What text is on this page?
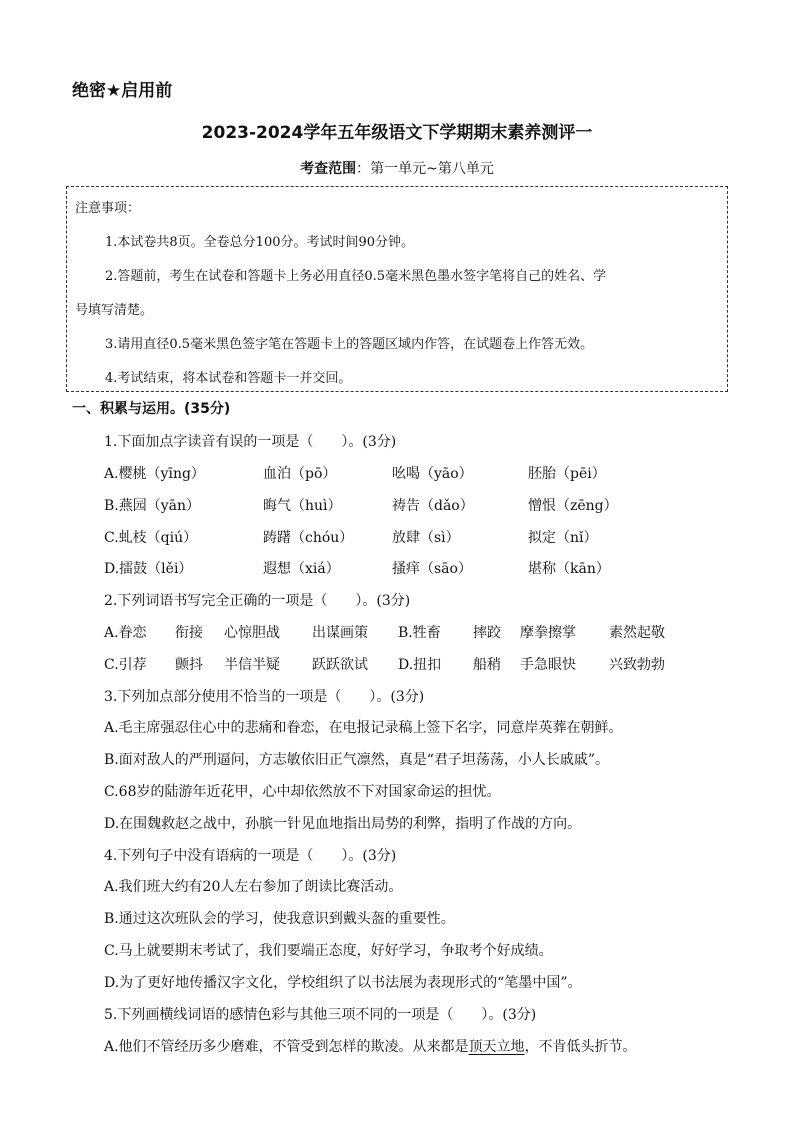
绝密★启用前
2023-2024学年五年级语文下学期期末素养测评一
考查范围：第一单元~第八单元
注意事项：
1.本试卷共8页。全卷总分100分。考试时间90分钟。
2.答题前，考生在试卷和答题卡上务必用直径0.5毫米黑色墨水签字笔将自己的姓名、学
号填写清楚。
3.请用直径0.5毫米黑色签字笔在答题卡上的答题区域内作答，在试题卷上作答无效。
4.考试结束，将本试卷和答题卡一并交回。
一、积累与运用。(35分)
1.下面加点字读音有误的一项是（　　）。(3分)
A.樱桃（yīng）	血泊（pō）	吆喝（yāo）	胚胎（pēi）
B.燕园（yān）	晦气（huì）	祷告（dǎo）	憎恨（zēng）
C.虬枝（qiú）	踌躇（chóu）	放肆（sì）	拟定（nǐ）
D.擂鼓（lěi）	遐想（xiá）	搔痒（sāo）	堪称（kān）
2.下列词语书写完全正确的一项是（　　）。(3分)
A.眷恋 衔接 心惊胆战 出谋画策 B.牲畜 摔跤 摩拳擦掌 素然起敬
C.引荐 颤抖 半信半疑 跃跃欲试 D.扭扣 船稍 手急眼快 兴致勃勃
3.下列加点部分使用不恰当的一项是（　　）。(3分)
A.毛主席强忍住心中的悲痛和眷恋，在电报记录稿上签下名字，同意岸英葬在朝鲜。
B.面对敌人的严刑逼问，方志敏依旧正气凛然，真是“君子坦荡荡，小人长戚戚”。
C.68岁的陆游年近花甲，心中却依然放不下对国家命运的担忧。
D.在围魏救赵之战中，孙膑一针见血地指出局势的利弊，指明了作战的方向。
4.下列句子中没有语病的一项是（　　）。(3分)
A.我们班大约有20人左右参加了朗读比赛活动。
B.通过这次班队会的学习，使我意识到戴头盔的重要性。
C.马上就要期末考试了，我们要端正态度，好好学习，争取考个好成绩。
D.为了更好地传播汉字文化，学校组织了以书法展为表现形式的“笔墨中国”。
5.下列画横线词语的感情色彩与其他三项不同的一项是（　　）。(3分)
A.他们不管经历多少磨难，不管受到怎样的欺凌。从来都是顶天立地，不肯低头折节。
